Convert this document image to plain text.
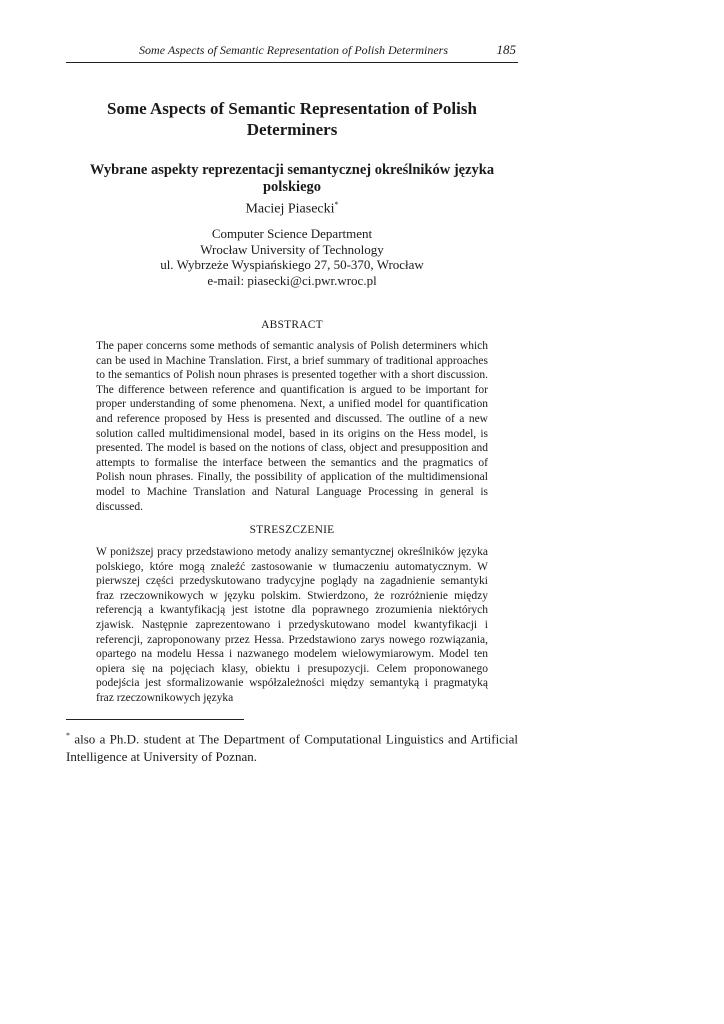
Some Aspects of Semantic Representation of Polish Determiners	185
Some Aspects of Semantic Representation of Polish Determiners
Wybrane aspekty reprezentacji semantycznej określników języka polskiego
Maciej Piasecki*
Computer Science Department
Wrocław University of Technology
ul. Wybrzeże Wyspiańskiego 27, 50-370, Wrocław
e-mail: piasecki@ci.pwr.wroc.pl
ABSTRACT
The paper concerns some methods of semantic analysis of Polish determiners which can be used in Machine Translation. First, a brief summary of traditional approaches to the semantics of Polish noun phrases is presented together with a short discussion. The difference between reference and quantification is argued to be important for proper understanding of some phenomena. Next, a unified model for quantification and reference proposed by Hess is presented and discussed. The outline of a new solution called multidimensional model, based in its origins on the Hess model, is presented. The model is based on the notions of class, object and presupposition and attempts to formalise the interface between the semantics and the pragmatics of Polish noun phrases. Finally, the possibility of application of the multidimensional model to Machine Translation and Natural Language Processing in general is discussed.
STRESZCZENIE
W poniższej pracy przedstawiono metody analizy semantycznej określników języka polskiego, które mogą znaleźć zastosowanie w tłumaczeniu automatycznym. W pierwszej części przedyskutowano tradycyjne poglądy na zagadnienie semantyki fraz rzeczownikowych w języku polskim. Stwierdzono, że rozróżnienie między referencją a kwantyfikacją jest istotne dla poprawnego zrozumienia niektórych zjawisk. Następnie zaprezentowano i przedyskutowano model kwantyfikacji i referencji, zaproponowany przez Hessa. Przedstawiono zarys nowego rozwiązania, opartego na modelu Hessa i nazwanego modelem wielowymiarowym. Model ten opiera się na pojęciach klasy, obiektu i presupozycji. Celem proponowanego podejścia jest sformalizowanie współzależności między semantyką i pragmatyką fraz rzeczownikowych języka
* also a Ph.D. student at The Department of Computational Linguistics and Artificial Intelligence at University of Poznan.
